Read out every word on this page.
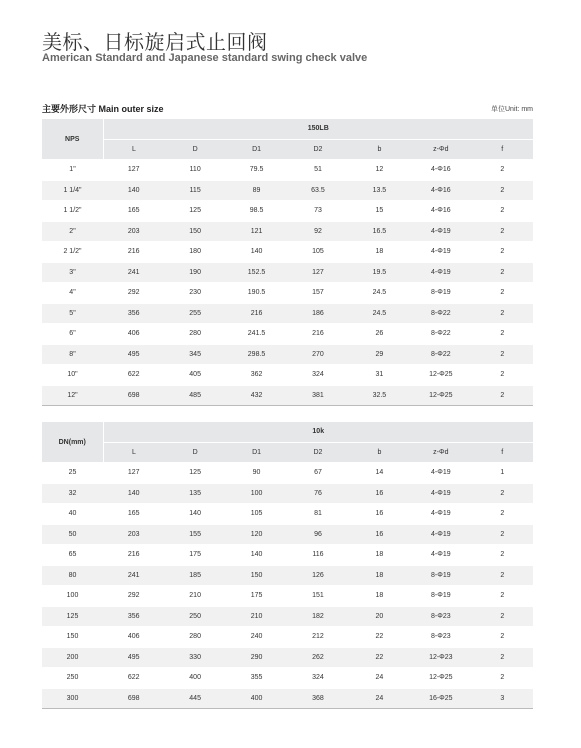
美标、日标旋启式止回阀
American Standard and Japanese standard swing check valve
主要外形尺寸 Main outer size	单位Unit: mm
NPS	150LB						
	L	D	D1	D2	b	z-Φd	f
1"	127	110	79.5	51	12	4-Φ16	2
1 1/4"	140	115	89	63.5	13.5	4-Φ16	2
1 1/2"	165	125	98.5	73	15	4-Φ16	2
2"	203	150	121	92	16.5	4-Φ19	2
2 1/2"	216	180	140	105	18	4-Φ19	2
3"	241	190	152.5	127	19.5	4-Φ19	2
4"	292	230	190.5	157	24.5	8-Φ19	2
5"	356	255	216	186	24.5	8-Φ22	2
6"	406	280	241.5	216	26	8-Φ22	2
8"	495	345	298.5	270	29	8-Φ22	2
10"	622	405	362	324	31	12-Φ25	2
12"	698	485	432	381	32.5	12-Φ25	2
DN(mm)	10k						
	L	D	D1	D2	b	z-Φd	f
25	127	125	90	67	14	4-Φ19	1
32	140	135	100	76	16	4-Φ19	2
40	165	140	105	81	16	4-Φ19	2
50	203	155	120	96	16	4-Φ19	2
65	216	175	140	116	18	4-Φ19	2
80	241	185	150	126	18	8-Φ19	2
100	292	210	175	151	18	8-Φ19	2
125	356	250	210	182	20	8-Φ23	2
150	406	280	240	212	22	8-Φ23	2
200	495	330	290	262	22	12-Φ23	2
250	622	400	355	324	24	12-Φ25	2
300	698	445	400	368	24	16-Φ25	3
